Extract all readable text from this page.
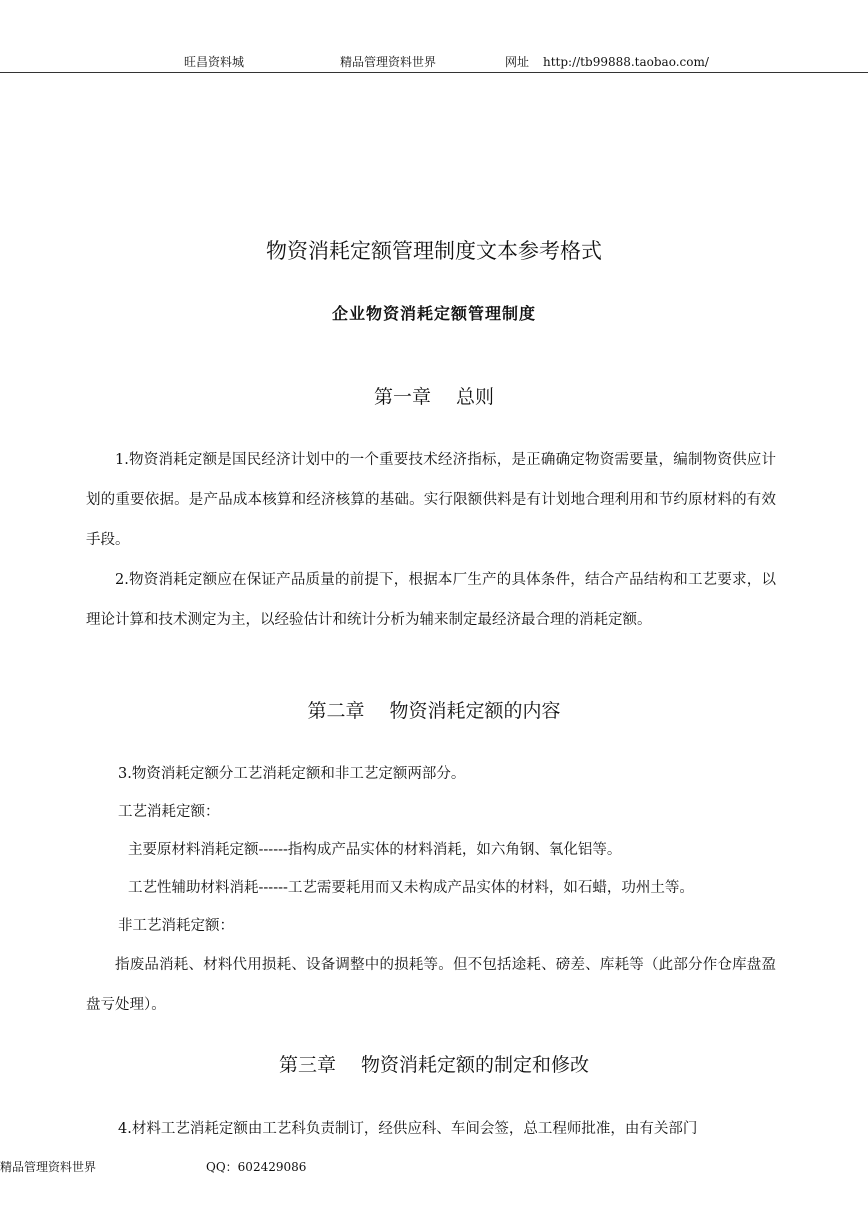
旺昌资料城	精品管理资料世界	网址 http://tb99888.taobao.com/
物资消耗定额管理制度文本参考格式
企业物资消耗定额管理制度
第一章　 总则

1.物资消耗定额是国民经济计划中的一个重要技术经济指标，是正确确定物资需要量，编制物资供应计划的重要依据。是产品成本核算和经济核算的基础。实行限额供料是有计划地合理利用和节约原材料的有效手段。

2.物资消耗定额应在保证产品质量的前提下，根据本厂生产的具体条件，结合产品结构和工艺要求，以理论计算和技术测定为主，以经验估计和统计分析为辅来制定最经济最合理的消耗定额。

第二章　 物资消耗定额的内容

3.物资消耗定额分工艺消耗定额和非工艺定额两部分。

工艺消耗定额：

主要原材料消耗定额------指构成产品实体的材料消耗，如六角钢、氧化铝等。

工艺性辅助材料消耗------工艺需要耗用而又未构成产品实体的材料，如石蜡，功州土等。

非工艺消耗定额：

指废品消耗、材料代用损耗、设备调整中的损耗等。但不包括途耗、磅差、库耗等（此部分作仓库盘盈盘亏处理）。

第三章　 物资消耗定额的制定和修改

4.材料工艺消耗定额由工艺科负责制订，经供应科、车间会签，总工程师批准，由有关部门

精品管理资料世界	QQ：602429086
